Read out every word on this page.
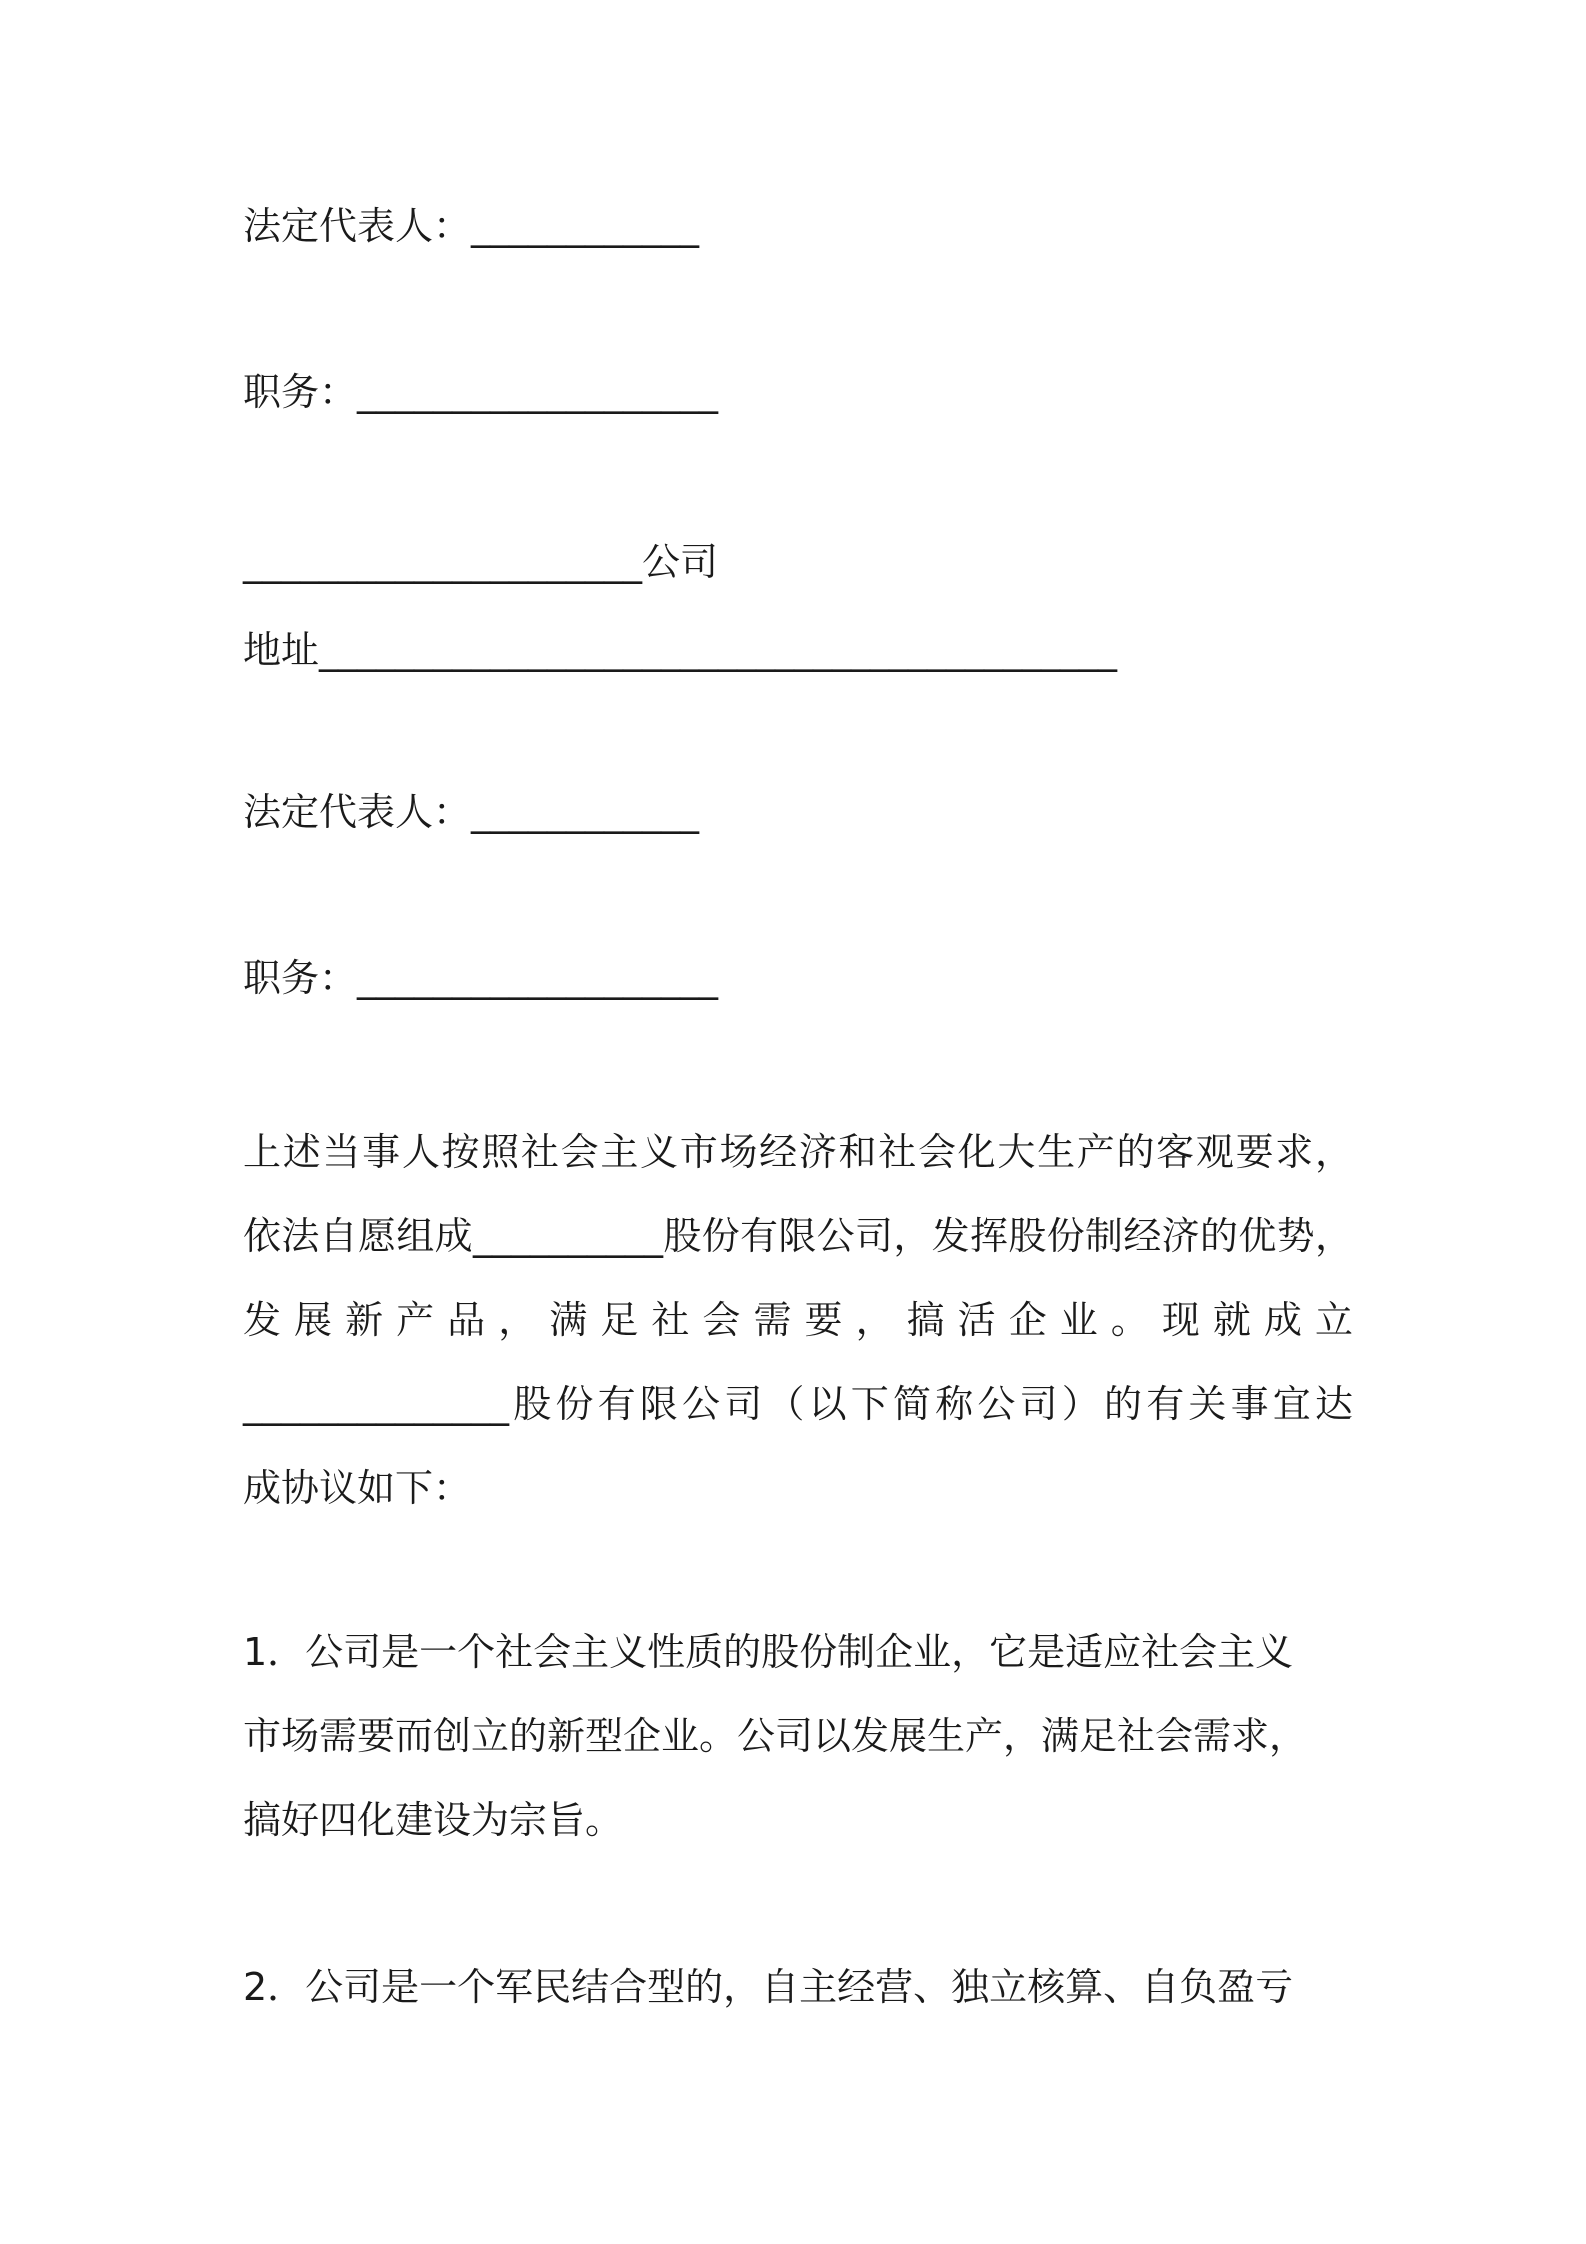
法定代表人：____________
职务：___________________
_____________________公司
地址__________________________________________
法定代表人：____________
职务：___________________

上述当事人按照社会主义市场经济和社会化大生产的客观要求，

依法自愿组成__________股份有限公司，发挥股份制经济的优势，

发 展 新 产 品 ， 满 足 社 会 需 要 ， 搞 活 企 业 。 现 就 成 立

______________股份有限公司（以下简称公司）的有关事宜达

成协议如下：

1．公司是一个社会主义性质的股份制企业，它是适应社会主义

市场需要而创立的新型企业。公司以发展生产，满足社会需求，

搞好四化建设为宗旨。

2．公司是一个军民结合型的，自主经营、独立核算、自负盈亏
